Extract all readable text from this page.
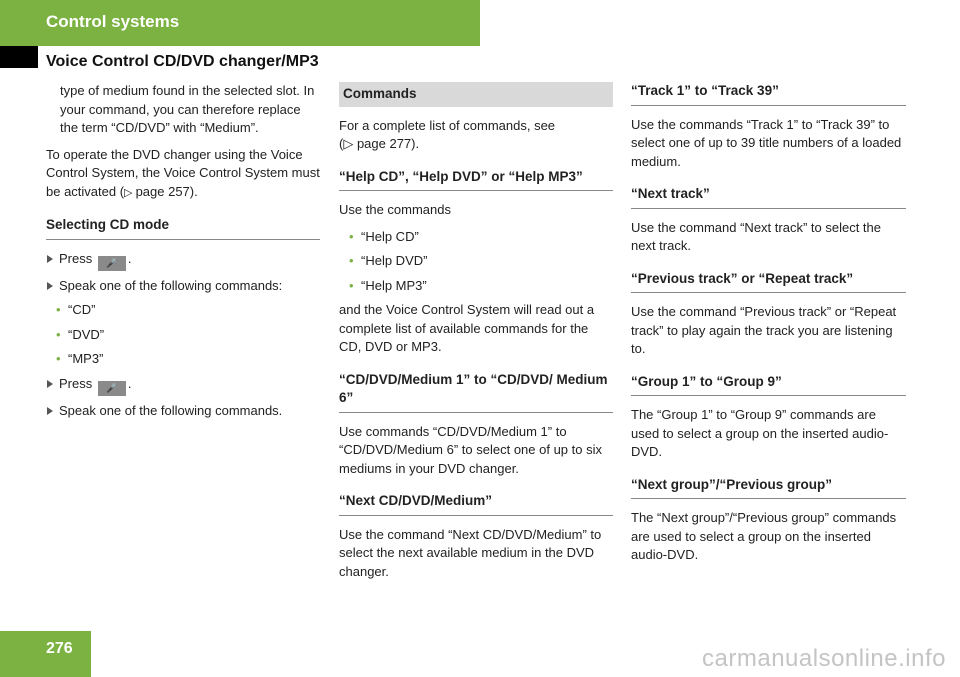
Control systems
Voice Control CD/DVD changer/MP3

type of medium found in the selected slot. In your command, you can therefore replace the term “CD/DVD” with “Medium”.

To operate the DVD changer using the Voice Control System, the Voice Control System must be activated (▷ page 257).

Selecting CD mode
Press 🎤 .
Speak one of the following commands:
• “CD”
• “DVD”
• “MP3”
Press 🎤 .
Speak one of the following commands.
Commands

For a complete list of commands, see
(▷ page 277).

“Help CD”, “Help DVD” or “Help MP3”

Use the commands

• “Help CD”
• “Help DVD”
• “Help MP3”

and the Voice Control System will read out a complete list of available commands for the CD, DVD or MP3.

“CD/DVD/Medium 1” to “CD/DVD/ Medium 6”

Use commands “CD/DVD/Medium 1” to “CD/DVD/Medium 6” to select one of up to six mediums in your DVD changer.

“Next CD/DVD/Medium”

Use the command “Next CD/DVD/Medium” to select the next available medium in the DVD changer.

“Track 1” to “Track 39”

Use the commands “Track 1” to “Track 39” to select one of up to 39 title numbers of a loaded medium.

“Next track”

Use the command “Next track” to select the next track.

“Previous track” or “Repeat track”

Use the command “Previous track” or “Repeat track” to play again the track you are listening to.

“Group 1” to “Group 9”

The “Group 1” to “Group 9” commands are used to select a group on the inserted audio-DVD.

“Next group”/“Previous group”

The “Next group”/“Previous group” commands are used to select a group on the inserted audio-DVD.

276	carmanualsonline.info
